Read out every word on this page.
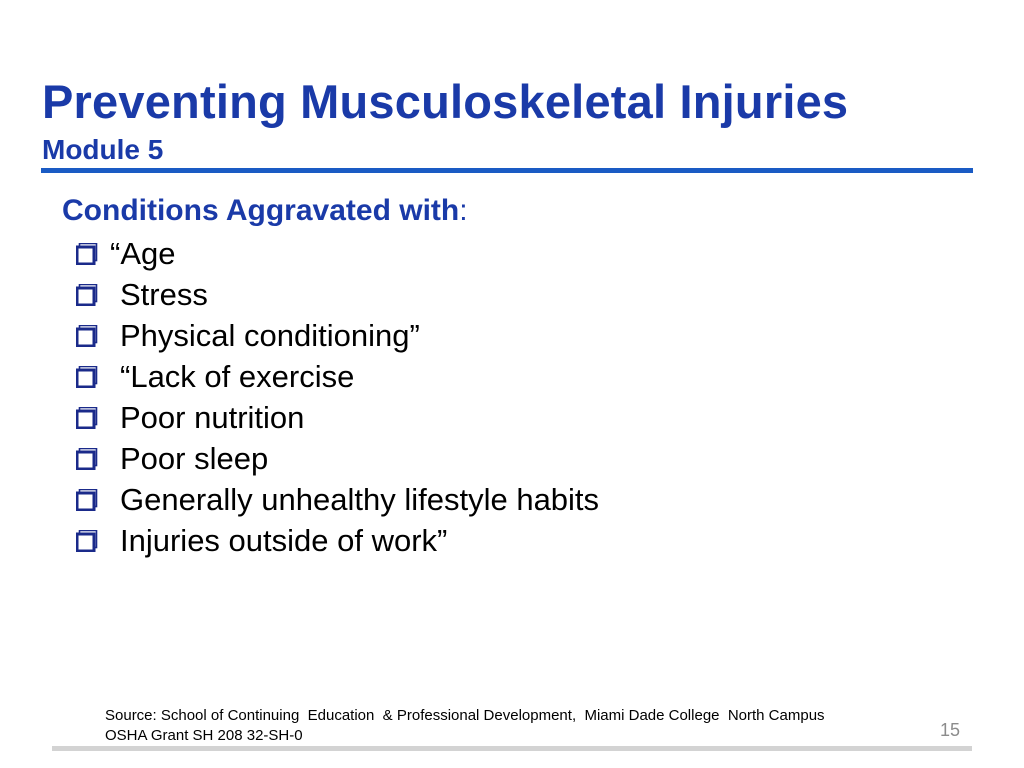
Preventing Musculoskeletal Injuries
Module 5
Conditions Aggravated with:
“Age
Stress
Physical conditioning”
“Lack of exercise
Poor nutrition
Poor sleep
Generally unhealthy lifestyle habits
Injuries outside of work”
Source: School of Continuing  Education  & Professional Development,  Miami Dade College  North Campus
OSHA Grant SH 208 32-SH-0	15
